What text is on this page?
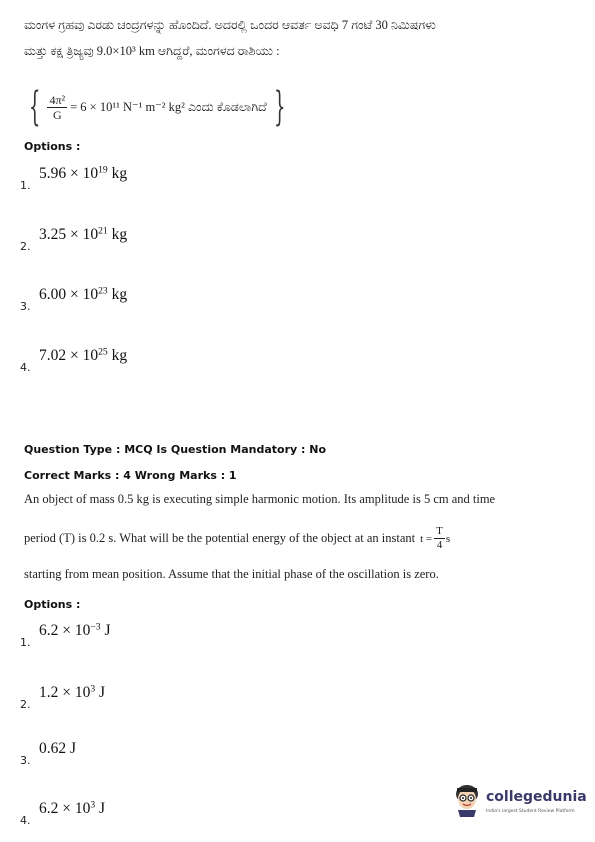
ಮಂಗಳ ಗ್ರಹವು ಎರಡು ಚಂದ್ರಗಳನ್ನು ಹೊಂದಿದೆ. ಅದರಲ್ಲಿ ಒಂದರ ಆವರ್ತ ಅವಧಿ 7 ಗಂಟೆ 30 ನಿಮಿಷಗಳು
ಮತ್ತು ಕಕ್ಷ ತ್ರಿಜ್ಯವು 9.0×10³ km ಆಗಿದ್ದರೆ, ಮಂಗಳದ ರಾಶಿಯು :
{ $\frac{\text{4π²}}{G} = 6 \times 10^{11}$ N⁻¹ m⁻² kg² ಎಂದು ಕೊಡಲಾಗಿದೆ }
Options :
1.
$5.96 \times 10^{19}$ kg
2.
$3.25 \times 10^{21}$ kg
3.
$6.00 \times 10^{23}$ kg
4.
$7.02 \times 10^{25}$ kg
Question Type : MCQ Is Question Mandatory : No
Correct Marks : 4 Wrong Marks : 1
An object of mass 0.5 kg is executing simple harmonic motion. Its amplitude is 5 cm and time
period (T) is 0.2 s. What will be the potential energy of the object at an instant $t = \frac{T}{4}$ s
starting from mean position. Assume that the initial phase of the oscillation is zero.
Options :
1.
$6.2 \times 10^{-3}$ J
2.
$1.2 \times 10^3$ J
3.
0.62 J
4.
$6.2 \times 10^3$ J
collegedunia
India's largest Student Review Platform
